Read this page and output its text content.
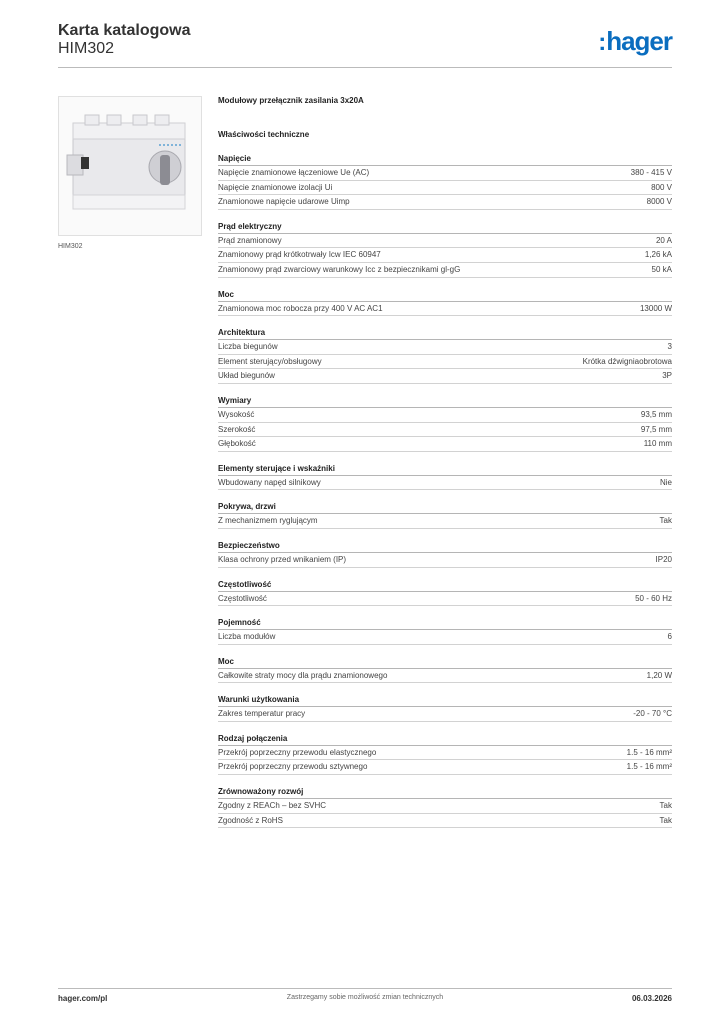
Karta katalogowa
HIM302	:hager
HIM302
Modułowy przełącznik zasilania 3x20A
Właściwości techniczne
Napięcie
Napięcie znamionowe łączeniowe Ue (AC)	380 - 415 V
Napięcie znamionowe izolacji Ui	800 V
Znamionowe napięcie udarowe Uimp	8000 V
Prąd elektryczny
Prąd znamionowy	20 A
Znamionowy prąd krótkotrwały Icw IEC 60947	1,26 kA
Znamionowy prąd zwarciowy warunkowy Icc z bezpiecznikami gl-gG	50 kA
Moc
Znamionowa moc robocza przy 400 V AC AC1	13000 W
Architektura
Liczba biegunów	3
Element sterujący/obsługowy	Krótka dźwigniaobrotowa
Układ biegunów	3P
Wymiary
Wysokość	93,5 mm
Szerokość	97,5 mm
Głębokość	110 mm
Elementy sterujące i wskaźniki
Wbudowany napęd silnikowy	Nie
Pokrywa, drzwi
Z mechanizmem ryglującym	Tak
Bezpieczeństwo
Klasa ochrony przed wnikaniem (IP)	IP20
Częstotliwość
Częstotliwość	50 - 60 Hz
Pojemność
Liczba modułów	6
Moc
Całkowite straty mocy dla prądu znamionowego	1,20 W
Warunki użytkowania
Zakres temperatur pracy	-20 - 70 °C
Rodzaj połączenia
Przekrój poprzeczny przewodu elastycznego	1.5 - 16 mm²
Przekrój poprzeczny przewodu sztywnego	1.5 - 16 mm²
Zrównoważony rozwój
Zgodny z REACh – bez SVHC	Tak
Zgodność z RoHS	Tak
hager.com/pl	Zastrzegamy sobie możliwość zmian technicznych	06.03.2026
